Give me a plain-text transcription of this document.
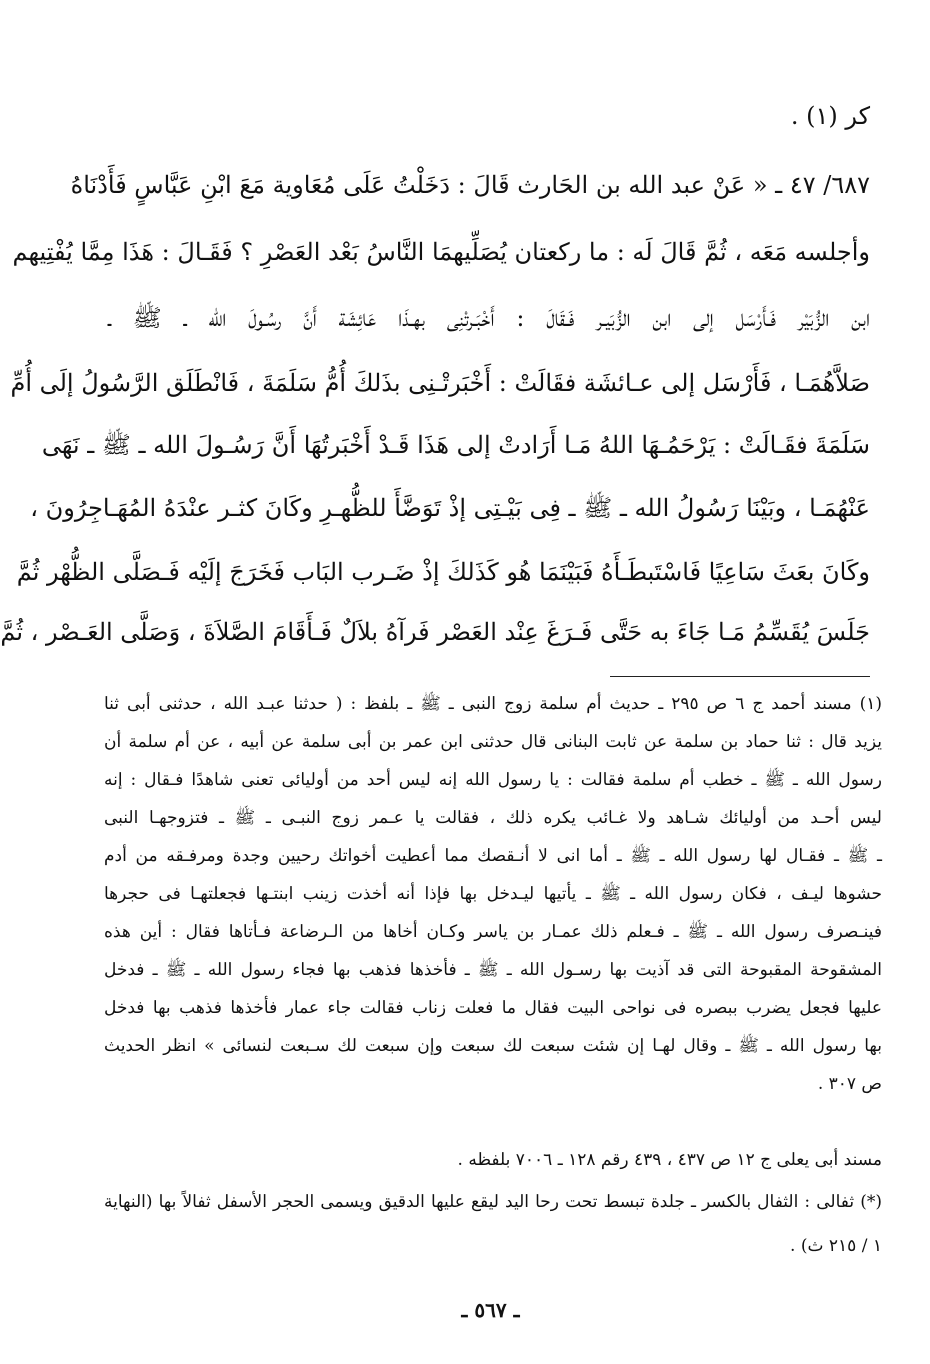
كر (١) .
٦٨٧/ ٤٧ ـ « عَنْ عبد الله بن الحَارث قَالَ : دَخَلْتُ عَلَى مُعَاوية مَعَ ابْنِ عَبَّاسٍ فَأَدْنَاهُ
وأجلسه مَعَه ، ثُمَّ قَالَ لَه : ما ركعتان يُصَلِّيهمَا النَّاسُ بَعْد العَصْرِ ؟ فَقَـالَ : هَذَا مِمَّا يُفْتِيهم
ابن الزُّبَيْر فَـأَرْسَل إلى ابن الزُّبَيـر فَـقَالَ : أَخْبَـرتْنِى بهـذَا عَائِشَة أَنَّ رسُـولَ الله ـ ﷺ ـ
صَلاَّهُمَـا ، فَأَرْسَل إلى عـائشَة فقَالَتْ : أَخْبَرتْـنِى بذَلكَ أُمُّ سَلَمَةَ ، فَانْطَلَق الرَّسُولُ إلَى أُمِّ
سَلَمَةَ فقَـالَتْ : يَرْحَمُـهَا اللهُ مَـا أَرَادتْ إلى هَذَا قَـدْ أَخْبَرتُهَا أَنَّ رَسُـولَ الله ـ ﷺ ـ نَهَى
عَنْهُمَـا ، وبَيْنَا رَسُولُ الله ـ ﷺ ـ فِى بَيْـتِى إذْ تَوَضَّأَ للظُّهـرِ وكَانَ كثـر عنْدَهُ المُهَـاجِرُونَ ،
وكَانَ بعَثَ سَاعِيًا فَاسْتَبطَـأَهُ فَبَيْنَمَا هُو كَذَلكَ إذْ ضَـرب البَاب فَخَرَجَ إلَيْه فَـصَلَّى الظُّهْر ثُمَّ
جَلَسَ يُقَسِّمُ مَـا جَاءَ به حَتَّى فَـرَغَ عِنْد العَصْر فَرآهُ بلاَلٌ فَـأَقَامَ الصَّلاَةَ ، وَصَلَّى العَـصْر ، ثُمَّ
(١) مسند أحمد ج ٦ ص ٢٩٥ ـ حديث أم سلمة زوج النبى ـ ﷺ ـ بلفظ : ( حدثنا عبـد الله ، حدثنى أبى ثنا
يزيد قال : ثنا حماد بن سلمة عن ثابت البنانى قال حدثنى ابن عمر بن أبى سلمة عن أبيه ، عن أم سلمة أن
رسول الله ـ ﷺ ـ خطب أم سلمة فقالت : يا رسول الله إنه ليس أحد من أوليائى تعنى شاهدًا فـقال : إنه
ليس أحـد من أوليائك شـاهد ولا غـائب يكره ذلك ، فقالت يا عـمر زوج النبـى ـ ﷺ ـ فتزوجهـا النبى
ـ ﷺ ـ فقـال لها رسول الله ـ ﷺ ـ أما انى لا أنـقصك مما أعطيت أخواتك رحيين وجدة ومرفـقه من أدم
حشوها ليـف ، فكان رسول الله ـ ﷺ ـ يأتيها ليـدخل بها فإذا أنه أخذت زينب ابنتـها فجعلتهـا فى حجرها
فينـصرف رسول الله ـ ﷺ ـ فـعلم ذلك عمـار بن ياسر وكـان أخاها من الـرضاعة فـأتاها فقال : أين هذه
المشقوحة المقبوحة التى قد آذيت بها رسـول الله ـ ﷺ ـ فأخذها فذهب بها فجاء رسول الله ـ ﷺ ـ فدخل
عليها فجعل يضرب ببصره فى نواحى البيت فقال ما فعلت زناب فقالت جاء عمار فأخذها فذهب بها فدخل
بها رسول الله ـ ﷺ ـ وقال لهـا إن شئت سبعت لك سبعت وإن سبعت لك سـبعت لنسائى » انظر الحديث
ص ٣٠٧ .
مسند أبى يعلى ج ١٢ ص ٤٣٧ ، ٤٣٩ رقم ١٢٨ ـ ٧٠٠٦ بلفظه .
(*) ثفالى : الثفال بالكسر ـ جلدة تبسط تحت رحا اليد ليقع عليها الدقيق ويسمى الحجر الأسفل ثفالاً بها (النهاية
١ / ٢١٥ ث) .
ـ ٥٦٧ ـ
